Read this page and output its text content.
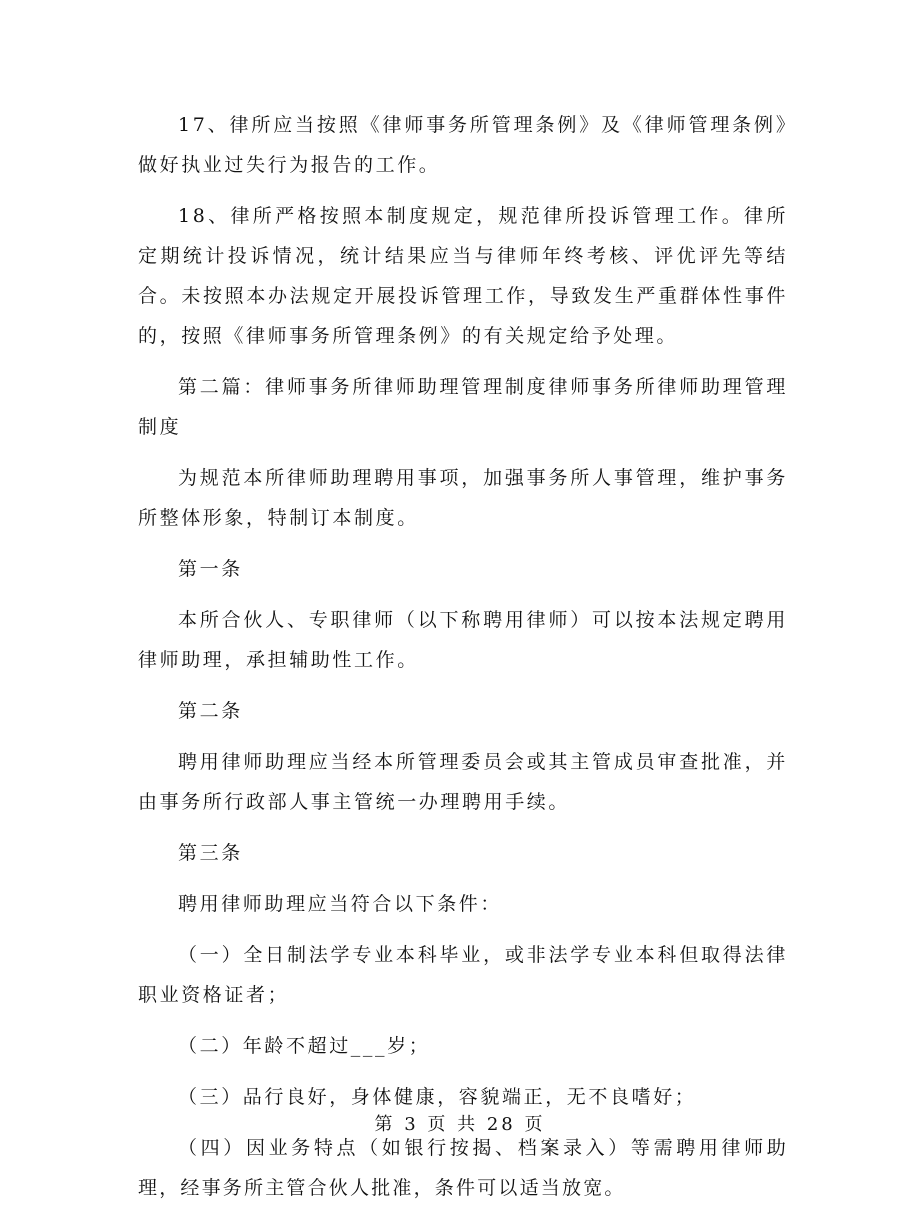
17、律所应当按照《律师事务所管理条例》及《律师管理条例》做好执业过失行为报告的工作。

18、律所严格按照本制度规定，规范律所投诉管理工作。律所定期统计投诉情况，统计结果应当与律师年终考核、评优评先等结合。未按照本办法规定开展投诉管理工作，导致发生严重群体性事件的，按照《律师事务所管理条例》的有关规定给予处理。

第二篇：律师事务所律师助理管理制度律师事务所律师助理管理制度

为规范本所律师助理聘用事项，加强事务所人事管理，维护事务所整体形象，特制订本制度。

第一条

本所合伙人、专职律师（以下称聘用律师）可以按本法规定聘用律师助理，承担辅助性工作。

第二条

聘用律师助理应当经本所管理委员会或其主管成员审查批准，并由事务所行政部人事主管统一办理聘用手续。

第三条

聘用律师助理应当符合以下条件：

（一）全日制法学专业本科毕业，或非法学专业本科但取得法律职业资格证者；

（二）年龄不超过___岁；

（三）品行良好，身体健康，容貌端正，无不良嗜好；

（四）因业务特点（如银行按揭、档案录入）等需聘用律师助理，经事务所主管合伙人批准，条件可以适当放宽。

第 3 页 共 28 页
